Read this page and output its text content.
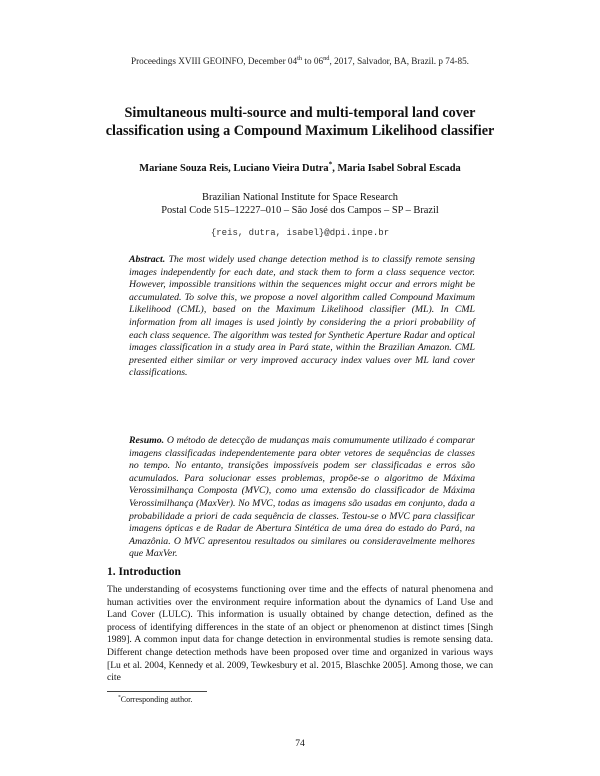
Proceedings XVIII GEOINFO, December 04th to 06nd, 2017, Salvador, BA, Brazil. p 74-85.
Simultaneous multi-source and multi-temporal land cover classification using a Compound Maximum Likelihood classifier
Mariane Souza Reis, Luciano Vieira Dutra*, Maria Isabel Sobral Escada
Brazilian National Institute for Space Research
Postal Code 515–12227–010 – São José dos Campos – SP – Brazil
{reis, dutra, isabel}@dpi.inpe.br
Abstract. The most widely used change detection method is to classify remote sensing images independently for each date, and stack them to form a class sequence vector. However, impossible transitions within the sequences might occur and errors might be accumulated. To solve this, we propose a novel algorithm called Compound Maximum Likelihood (CML), based on the Maximum Likelihood classifier (ML). In CML information from all images is used jointly by considering the a priori probability of each class sequence. The algorithm was tested for Synthetic Aperture Radar and optical images classification in a study area in Pará state, within the Brazilian Amazon. CML presented either similar or very improved accuracy index values over ML land cover classifications.
Resumo. O método de detecção de mudanças mais comumumente utilizado é comparar imagens classificadas independentemente para obter vetores de sequências de classes no tempo. No entanto, transições impossíveis podem ser classificadas e erros são acumulados. Para solucionar esses problemas, propõe-se o algoritmo de Máxima Verossimilhança Composta (MVC), como uma extensão do classificador de Máxima Verossimilhança (MaxVer). No MVC, todas as imagens são usadas em conjunto, dada a probabilidade a priori de cada sequência de classes. Testou-se o MVC para classificar imagens ópticas e de Radar de Abertura Sintética de uma área do estado do Pará, na Amazônia. O MVC apresentou resultados ou similares ou consideravelmente melhores que MaxVer.
1. Introduction
The understanding of ecosystems functioning over time and the effects of natural phenomena and human activities over the environment require information about the dynamics of Land Use and Land Cover (LULC). This information is usually obtained by change detection, defined as the process of identifying differences in the state of an object or phenomenon at distinct times [Singh 1989]. A common input data for change detection in environmental studies is remote sensing data. Different change detection methods have been proposed over time and organized in various ways [Lu et al. 2004, Kennedy et al. 2009, Tewkesbury et al. 2015, Blaschke 2005]. Among those, we can cite
*Corresponding author.
74
